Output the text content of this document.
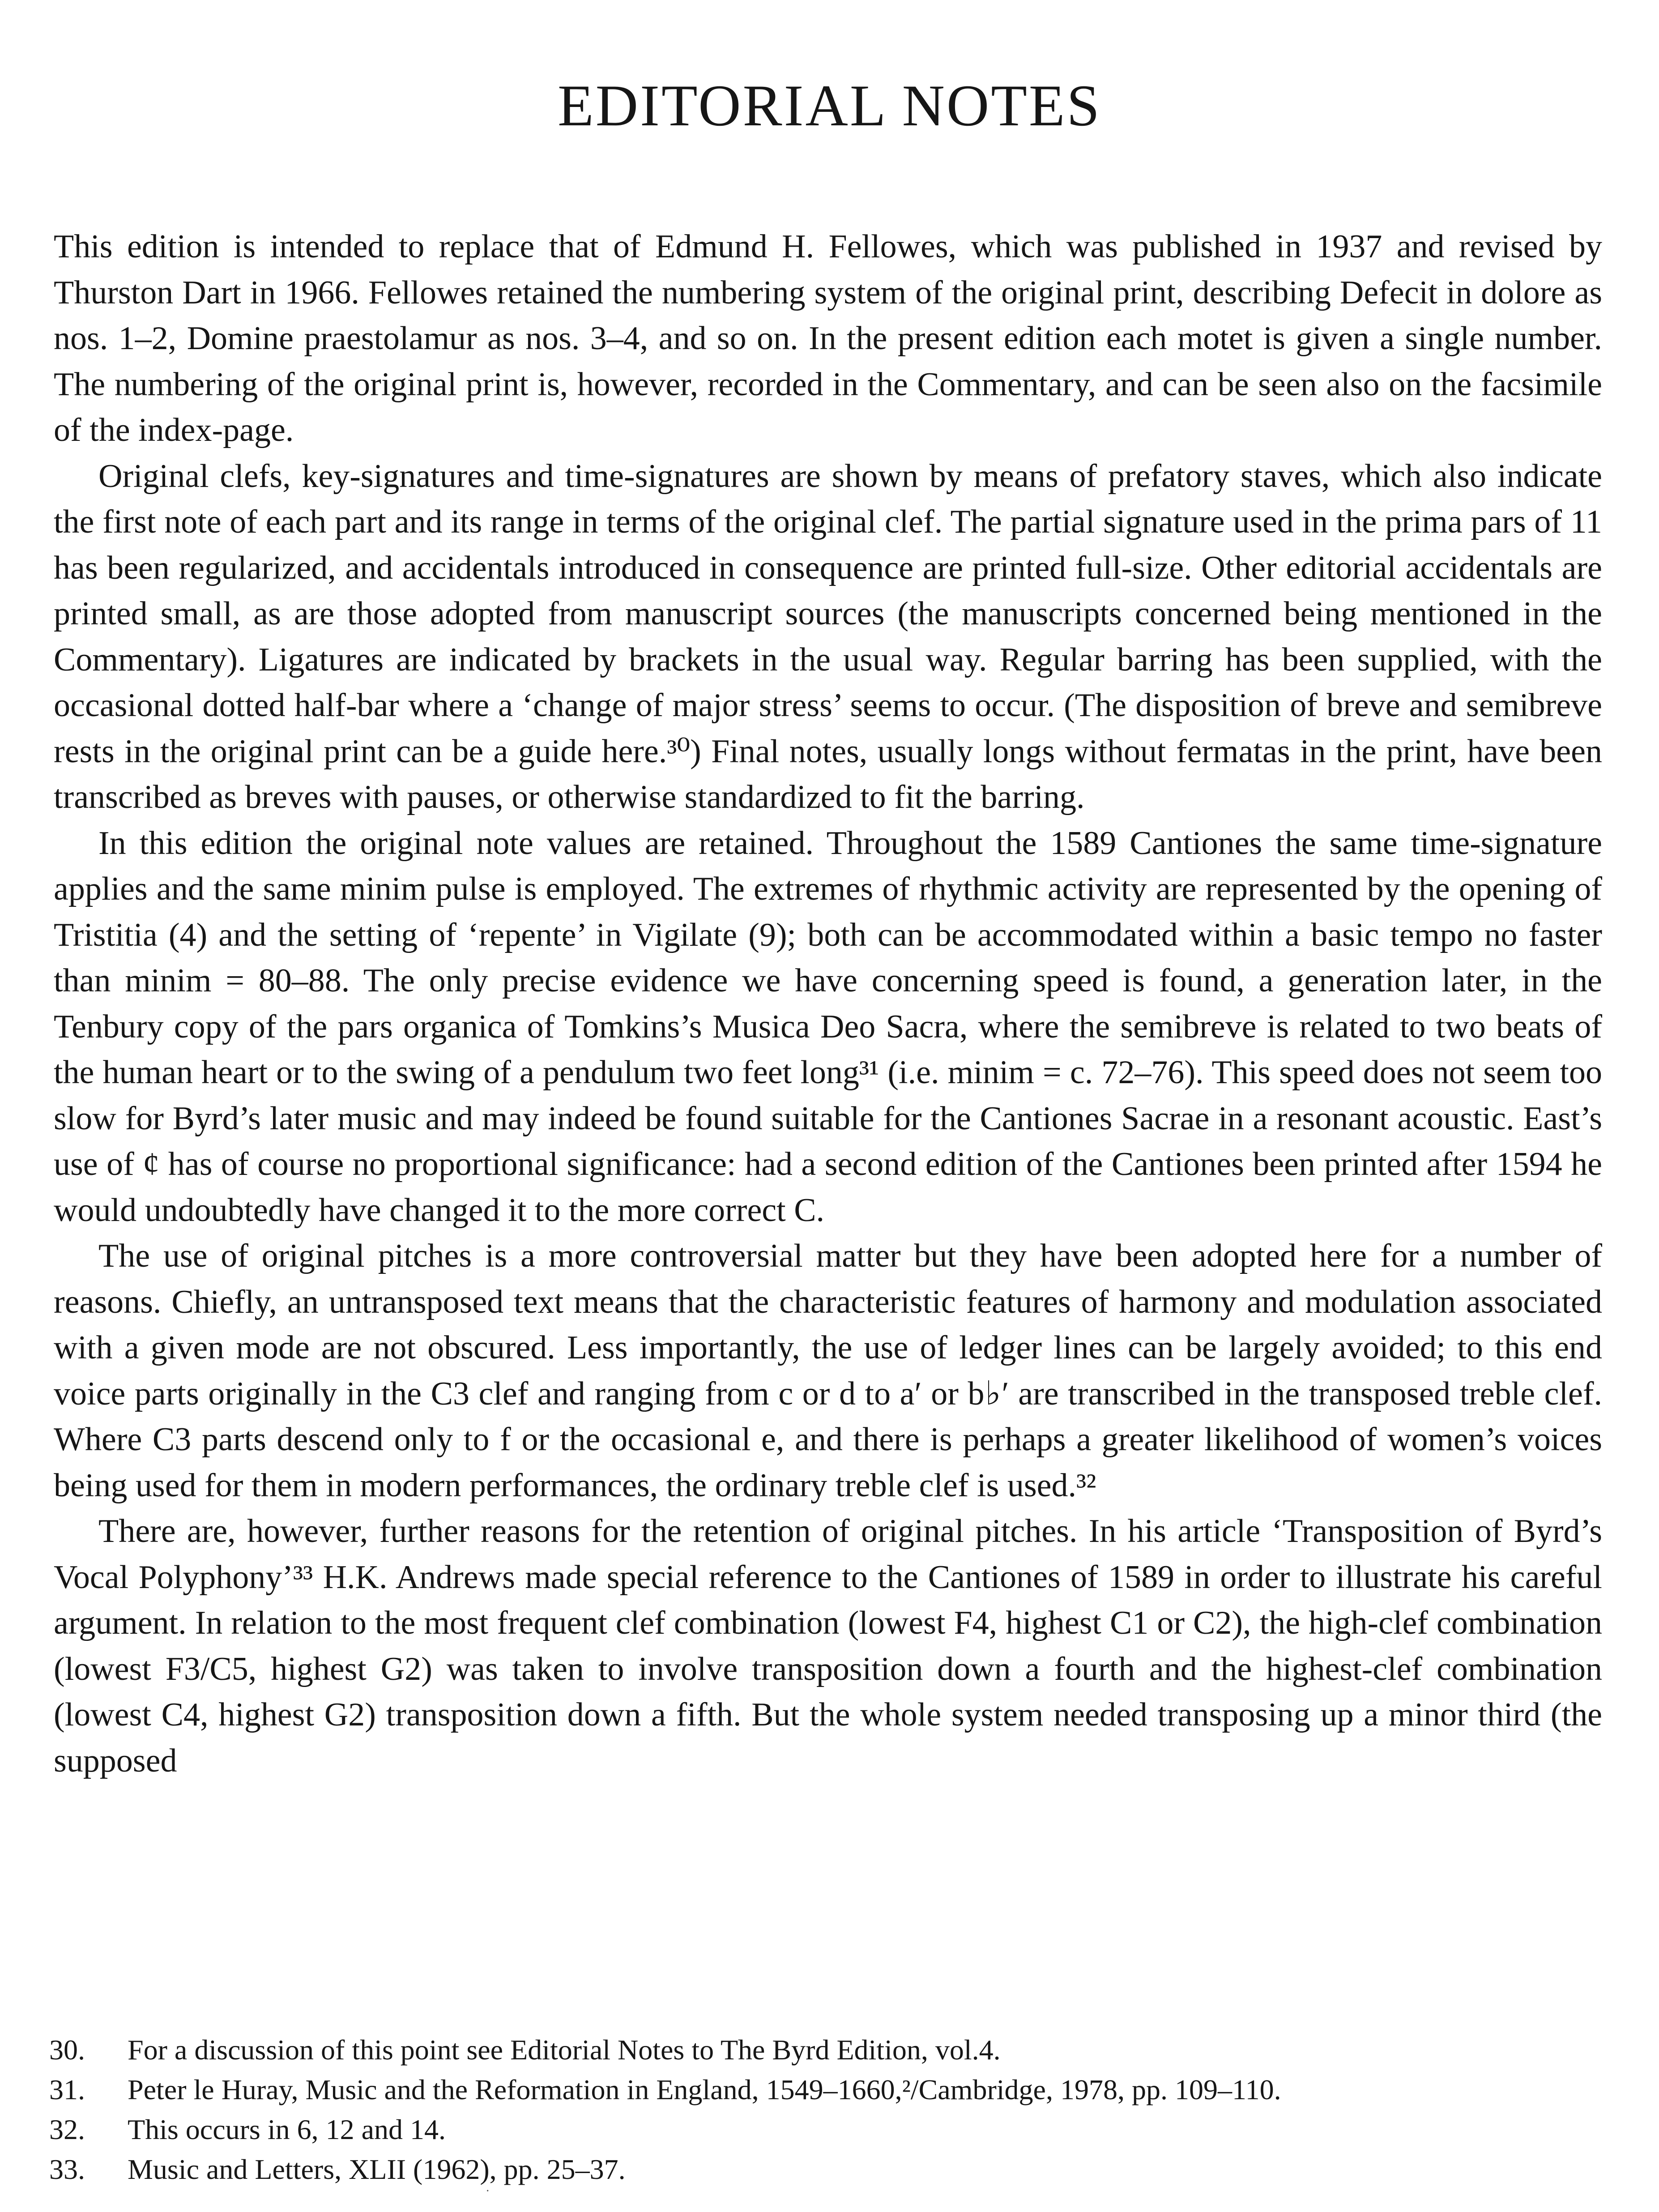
EDITORIAL NOTES

This edition is intended to replace that of Edmund H. Fellowes, which was published in 1937 and revised by Thurston Dart in 1966. Fellowes retained the numbering system of the original print, describing Defecit in dolore as nos. 1–2, Domine praestolamur as nos. 3–4, and so on. In the present edition each motet is given a single number. The numbering of the original print is, however, recorded in the Commentary, and can be seen also on the facsimile of the index-page.

Original clefs, key-signatures and time-signatures are shown by means of prefatory staves, which also indicate the first note of each part and its range in terms of the original clef. The partial signature used in the prima pars of 11 has been regularized, and accidentals introduced in consequence are printed full-size. Other editorial accidentals are printed small, as are those adopted from manuscript sources (the manuscripts concerned being mentioned in the Commentary). Ligatures are indicated by brackets in the usual way. Regular barring has been supplied, with the occasional dotted half-bar where a ‘change of major stress’ seems to occur. (The disposition of breve and semibreve rests in the original print can be a guide here.³⁰) Final notes, usually longs without fermatas in the print, have been transcribed as breves with pauses, or otherwise standardized to fit the barring.

In this edition the original note values are retained. Throughout the 1589 Cantiones the same time-signature applies and the same minim pulse is employed. The extremes of rhythmic activity are represented by the opening of Tristitia (4) and the setting of ‘repente’ in Vigilate (9); both can be accommodated within a basic tempo no faster than minim = 80–88. The only precise evidence we have concerning speed is found, a generation later, in the Tenbury copy of the pars organica of Tomkins’s Musica Deo Sacra, where the semibreve is related to two beats of the human heart or to the swing of a pendulum two feet long³¹ (i.e. minim = c. 72–76). This speed does not seem too slow for Byrd’s later music and may indeed be found suitable for the Cantiones Sacrae in a resonant acoustic. East’s use of ¢ has of course no proportional significance: had a second edition of the Cantiones been printed after 1594 he would undoubtedly have changed it to the more correct C.

The use of original pitches is a more controversial matter but they have been adopted here for a number of reasons. Chiefly, an untransposed text means that the characteristic features of harmony and modulation associated with a given mode are not obscured. Less importantly, the use of ledger lines can be largely avoided; to this end voice parts originally in the C3 clef and ranging from c or d to a′ or b♭′ are transcribed in the transposed treble clef. Where C3 parts descend only to f or the occasional e, and there is perhaps a greater likelihood of women’s voices being used for them in modern performances, the ordinary treble clef is used.³²

There are, however, further reasons for the retention of original pitches. In his article ‘Transposition of Byrd’s Vocal Polyphony’³³ H.K. Andrews made special reference to the Cantiones of 1589 in order to illustrate his careful argument. In relation to the most frequent clef combination (lowest F4, highest C1 or C2), the high-clef combination (lowest F3/C5, highest G2) was taken to involve transposition down a fourth and the highest-clef combination (lowest C4, highest G2) transposition down a fifth. But the whole system needed transposing up a minor third (the supposed

30.	For a discussion of this point see Editorial Notes to The Byrd Edition, vol.4.
31.	Peter le Huray, Music and the Reformation in England, 1549–1660,²/Cambridge, 1978, pp. 109–110.
32.	This occurs in 6, 12 and 14.
33.	Music and Letters, XLII (1962), pp. 25–37.
·
